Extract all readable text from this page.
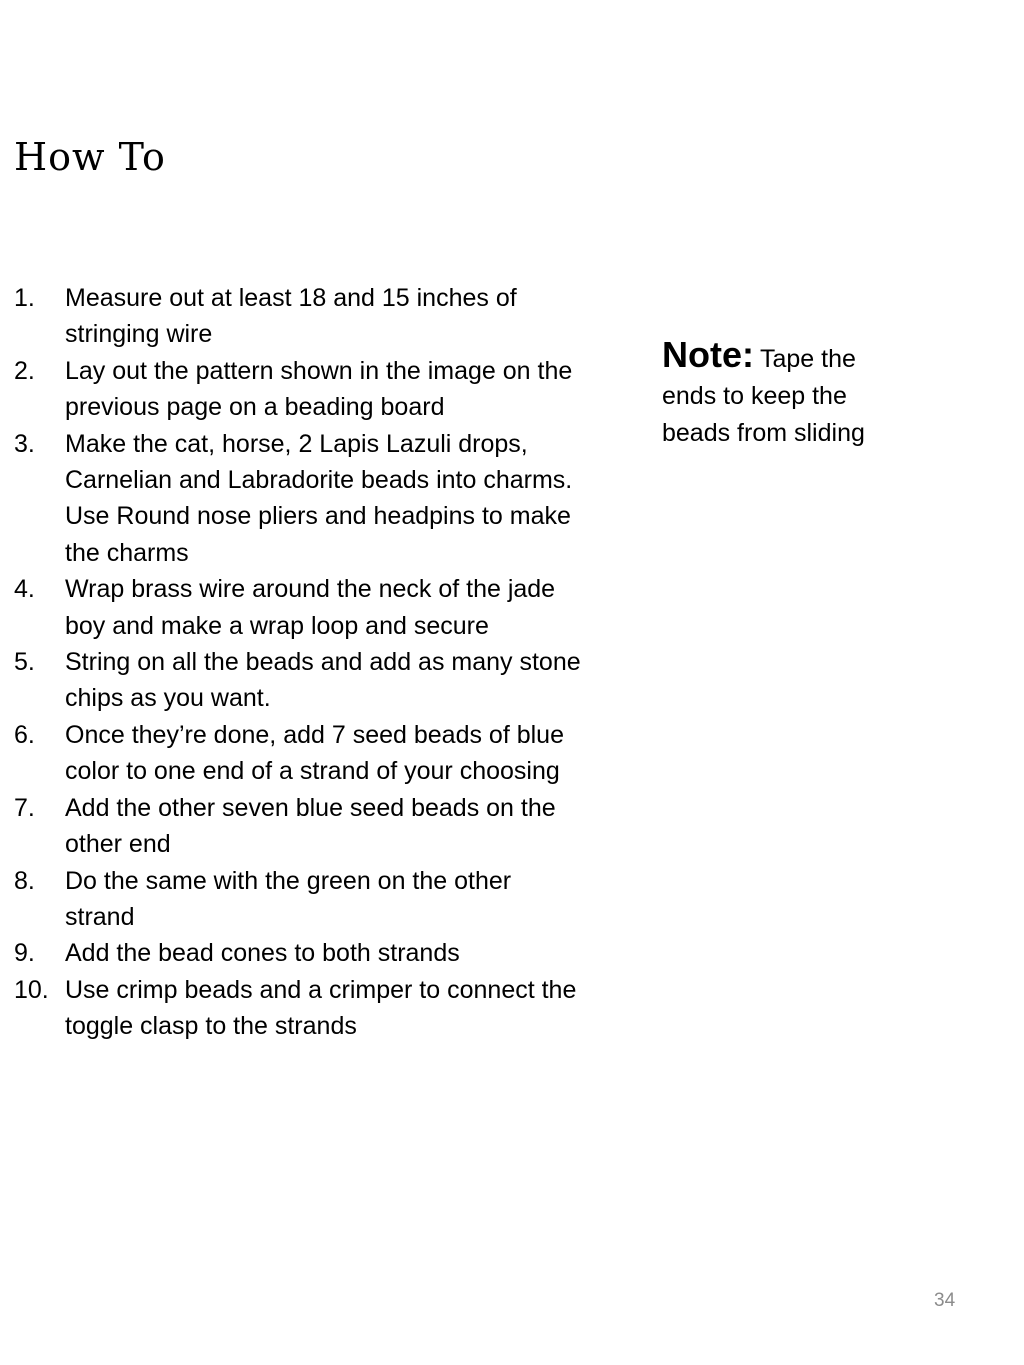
How To
1.	Measure out at least 18 and 15 inches of stringing wire
2.	Lay out the pattern shown in the image on the previous page on a beading board
3.	Make the cat, horse, 2 Lapis Lazuli drops, Carnelian and Labradorite beads into charms. Use Round nose pliers and headpins to make the charms
4.	Wrap brass wire around the neck of the jade boy and make a wrap loop and secure
5.	String on all the beads and add as many stone chips as you want.
6.	Once they’re done, add 7 seed beads of blue color to one end of a strand of your choosing
7.	Add the other seven blue seed beads on the other end
8.	Do the same with the green on the other strand
9.	Add the bead cones to both strands
10. Use crimp beads and a crimper to connect the toggle clasp to the strands
Note: Tape the ends to keep the beads from sliding
34
